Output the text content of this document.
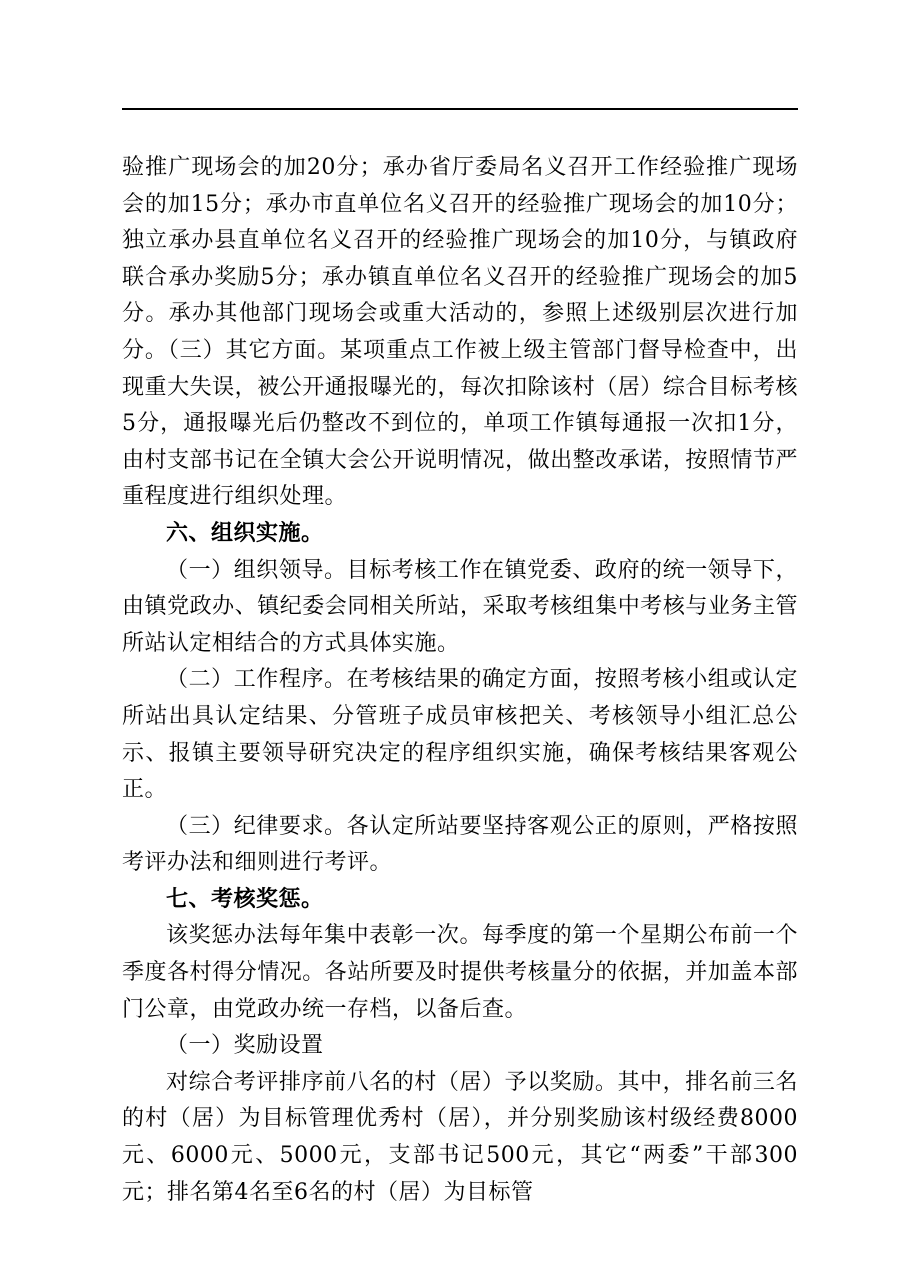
验推广现场会的加20分；承办省厅委局名义召开工作经验推广现场会的加15分；承办市直单位名义召开的经验推广现场会的加10分；独立承办县直单位名义召开的经验推广现场会的加10分，与镇政府联合承办奖励5分；承办镇直单位名义召开的经验推广现场会的加5分。承办其他部门现场会或重大活动的，参照上述级别层次进行加分。（三）其它方面。某项重点工作被上级主管部门督导检查中，出现重大失误，被公开通报曝光的，每次扣除该村（居）综合目标考核5分，通报曝光后仍整改不到位的，单项工作镇每通报一次扣1分，由村支部书记在全镇大会公开说明情况，做出整改承诺，按照情节严重程度进行组织处理。

六、组织实施。

（一）组织领导。目标考核工作在镇党委、政府的统一领导下，由镇党政办、镇纪委会同相关所站，采取考核组集中考核与业务主管所站认定相结合的方式具体实施。

（二）工作程序。在考核结果的确定方面，按照考核小组或认定所站出具认定结果、分管班子成员审核把关、考核领导小组汇总公示、报镇主要领导研究决定的程序组织实施，确保考核结果客观公正。

（三）纪律要求。各认定所站要坚持客观公正的原则，严格按照考评办法和细则进行考评。

七、考核奖惩。

该奖惩办法每年集中表彰一次。每季度的第一个星期公布前一个季度各村得分情况。各站所要及时提供考核量分的依据，并加盖本部门公章，由党政办统一存档，以备后查。

（一）奖励设置

对综合考评排序前八名的村（居）予以奖励。其中，排名前三名的村（居）为目标管理优秀村（居），并分别奖励该村级经费8000元、6000元、5000元，支部书记500元，其它“两委”干部300元；排名第4名至6名的村（居）为目标管
